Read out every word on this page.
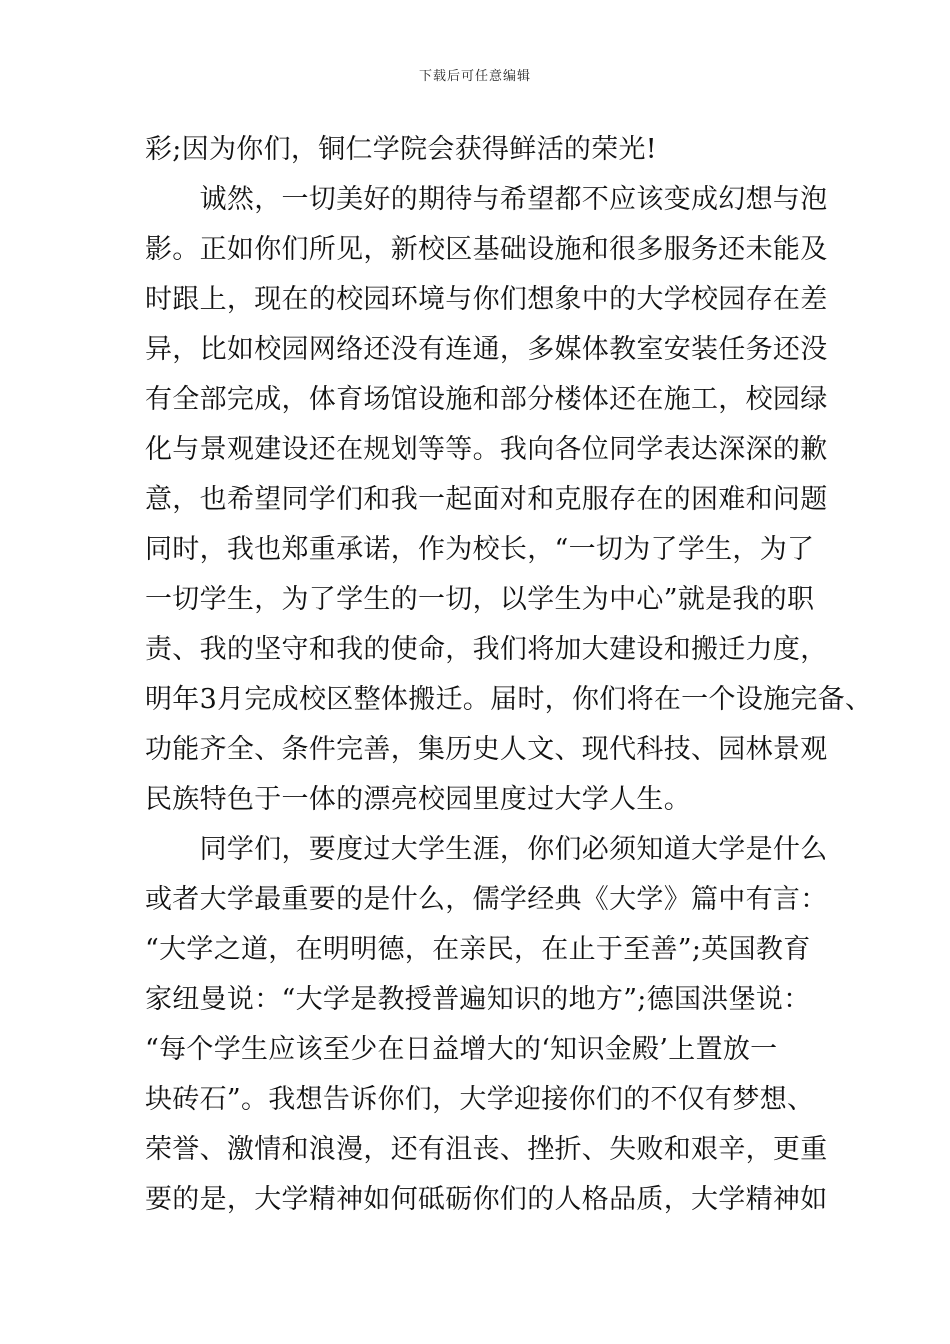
下载后可任意编辑
彩;因为你们，铜仁学院会获得鲜活的荣光!
　　诚然，一切美好的期待与希望都不应该变成幻想与泡
影。正如你们所见，新校区基础设施和很多服务还未能及
时跟上，现在的校园环境与你们想象中的大学校园存在差
异，比如校园网络还没有连通，多媒体教室安装任务还没
有全部完成，体育场馆设施和部分楼体还在施工，校园绿
化与景观建设还在规划等等。我向各位同学表达深深的歉
意，也希望同学们和我一起面对和克服存在的困难和问题
同时，我也郑重承诺，作为校长，“一切为了学生，为了
一切学生，为了学生的一切，以学生为中心”就是我的职
责、我的坚守和我的使命，我们将加大建设和搬迁力度，
明年3月完成校区整体搬迁。届时，你们将在一个设施完备、
功能齐全、条件完善，集历史人文、现代科技、园林景观
民族特色于一体的漂亮校园里度过大学人生。
　　同学们，要度过大学生涯，你们必须知道大学是什么
或者大学最重要的是什么，儒学经典《大学》篇中有言：
“大学之道，在明明德，在亲民，在止于至善”;英国教育
家纽曼说：“大学是教授普遍知识的地方”;德国洪堡说：
“每个学生应该至少在日益增大的‘知识金殿’上置放一
块砖石”。我想告诉你们，大学迎接你们的不仅有梦想、
荣誉、激情和浪漫，还有沮丧、挫折、失败和艰辛，更重
要的是，大学精神如何砥砺你们的人格品质，大学精神如
